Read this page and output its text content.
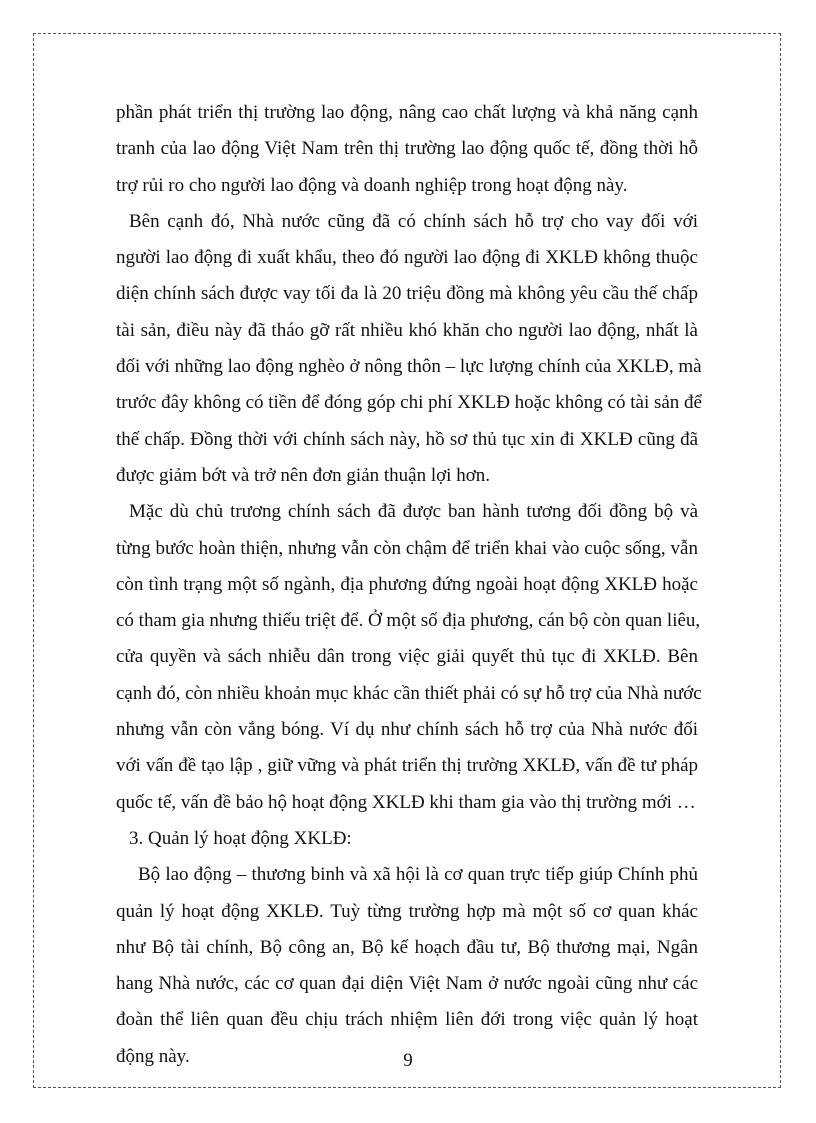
phần phát triển thị trường lao động, nâng cao chất lượng và khả năng cạnh
tranh của lao động Việt Nam trên thị trường lao động quốc tế, đồng thời hỗ
trợ rủi ro cho người lao động và doanh nghiệp trong hoạt động này.
Bên cạnh đó, Nhà nước cũng đã có chính sách hỗ trợ cho vay đối với
người lao động đi xuất khẩu, theo đó người lao động đi XKLĐ không thuộc
diện chính sách được vay tối đa là 20 triệu đồng mà không yêu cầu thế chấp
tài sản, điều này đã tháo gỡ rất nhiều khó khăn cho người lao động, nhất là
đối với những lao động nghèo ở nông thôn – lực lượng chính của XKLĐ, mà
trước đây không có tiền để đóng góp chi phí XKLĐ hoặc không có tài sản để
thế chấp. Đồng thời với chính sách này, hồ sơ thủ tục xin đi XKLĐ cũng đã
được giảm bớt và trở nên đơn giản thuận lợi hơn.
Mặc dù chủ trương chính sách đã được ban hành tương đối đồng bộ và
từng bước hoàn thiện, nhưng vẫn còn chậm để triển khai vào cuộc sống, vẫn
còn tình trạng một số ngành, địa phương đứng ngoài hoạt động XKLĐ hoặc
có tham gia nhưng thiếu triệt để. Ở một số địa phương, cán bộ còn quan liêu,
cửa quyền và sách nhiễu dân trong việc giải quyết thủ tục đi XKLĐ. Bên
cạnh đó, còn nhiều khoản mục khác cần thiết phải có sự hỗ trợ của Nhà nước
nhưng vẫn còn vắng bóng. Ví dụ như chính sách hỗ trợ của Nhà nước đối
với vấn đề tạo lập , giữ vững và phát triển thị trường XKLĐ, vấn đề tư pháp
quốc tế, vấn đề bảo hộ hoạt động XKLĐ khi tham gia vào thị trường mới …
3. Quản lý hoạt động XKLĐ:
Bộ lao động – thương binh và xã hội là cơ quan trực tiếp giúp Chính phủ
quản lý hoạt động XKLĐ. Tuỳ từng trường hợp mà một số cơ quan khác
như Bộ tài chính, Bộ công an, Bộ kế hoạch đầu tư, Bộ thương mại, Ngân
hang Nhà nước, các cơ quan đại diện Việt Nam ở nước ngoài cũng như các
đoàn thể liên quan đều chịu trách nhiệm liên đới trong việc quản lý hoạt
động này.	9
